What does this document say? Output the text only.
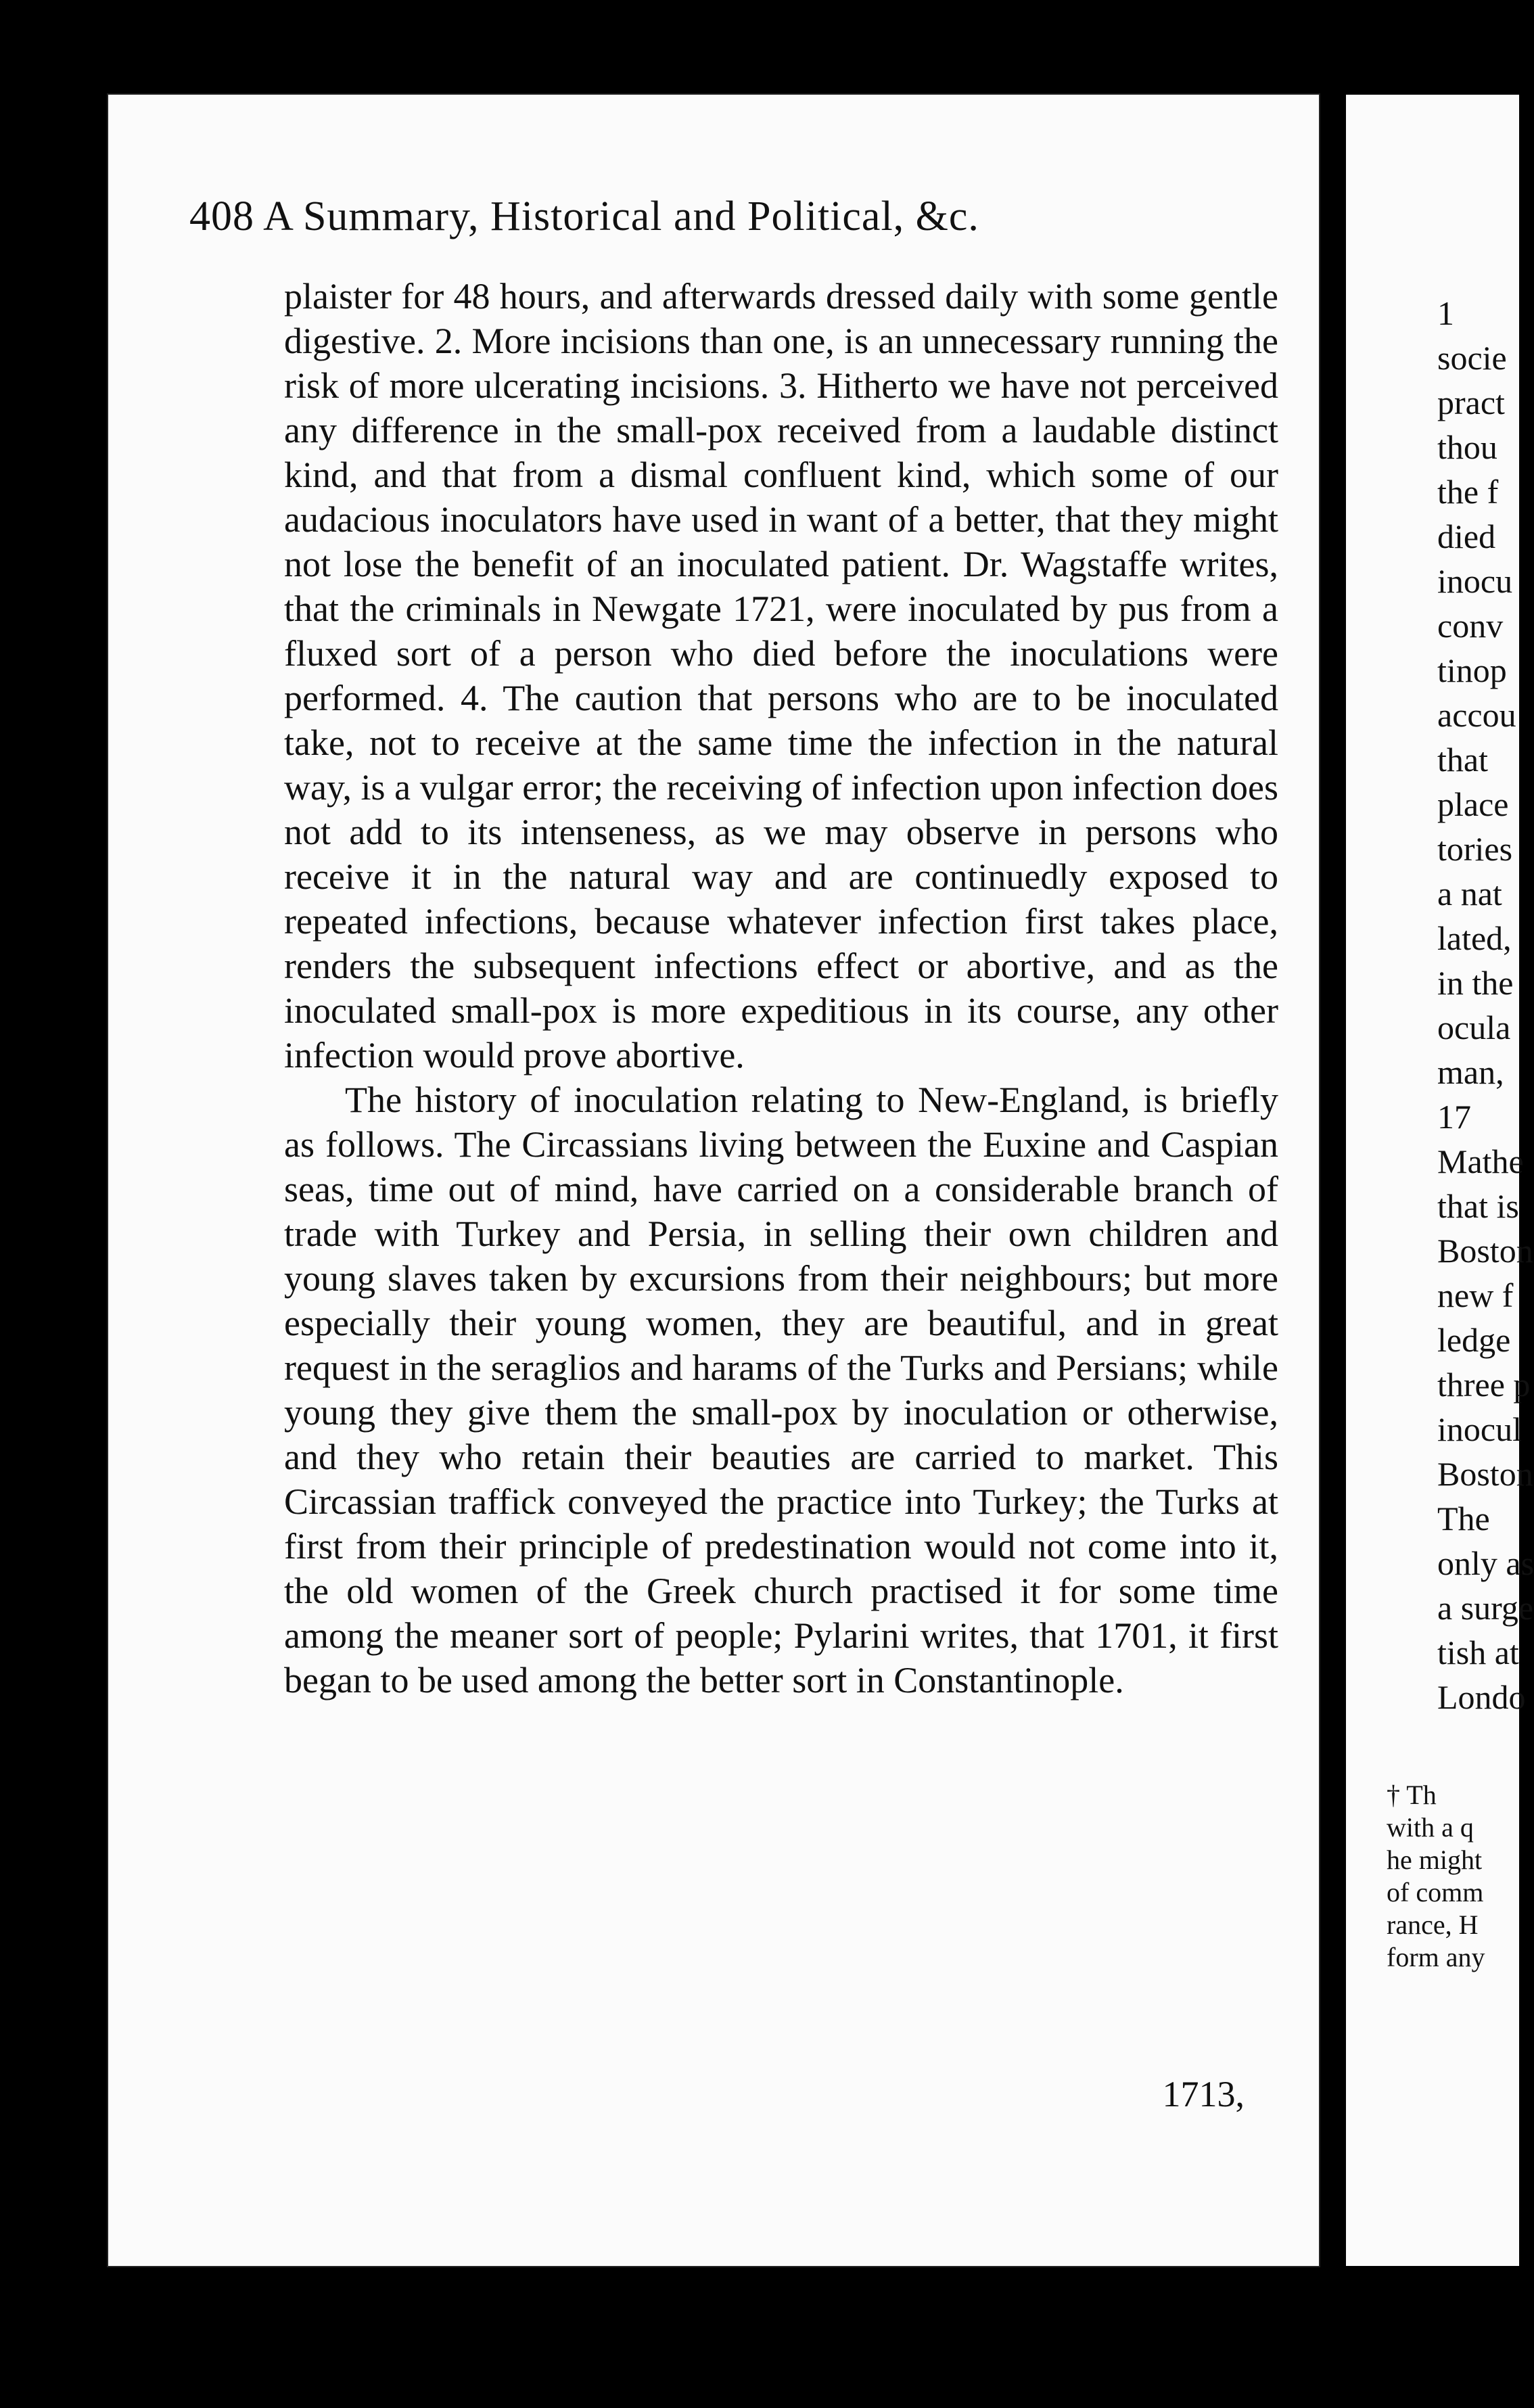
408 A Summary, Historical and Political, &c.

plaister for 48 hours, and afterwards dressed daily with some gentle digestive. 2. More incisions than one, is an unnecessary running the risk of more ulcerating incisions. 3. Hitherto we have not perceived any difference in the small-pox received from a laudable distinct kind, and that from a dismal confluent kind, which some of our audacious inoculators have used in want of a better, that they might not lose the benefit of an inoculated patient. Dr. Wagstaffe writes, that the criminals in Newgate 1721, were inoculated by pus from a fluxed sort of a person who died before the inoculations were performed. 4. The caution that persons who are to be inoculated take, not to receive at the same time the infection in the natural way, is a vulgar error; the receiving of infection upon infection does not add to its intenseness, as we may observe in persons who receive it in the natural way and are continuedly exposed to repeated infections, because whatever infection first takes place, renders the subsequent infections effect or abortive, and as the inoculated small-pox is more expeditious in its course, any other infection would prove abortive.

The history of inoculation relating to New-England, is briefly as follows. The Circassians living between the Euxine and Caspian seas, time out of mind, have carried on a considerable branch of trade with Turkey and Persia, in selling their own children and young slaves taken by excursions from their neighbours; but more especially their young women, they are beautiful, and in great request in the seraglios and harams of the Turks and Persians; while young they give them the small-pox by inoculation or otherwise, and they who retain their beauties are carried to market. This Circassian traffick conveyed the practice into Turkey; the Turks at first from their principle of predestination would not come into it, the old women of the Greek church practised it for some time among the meaner sort of people; Pylarini writes, that 1701, it first began to be used among the better sort in Constantinople.

1713,
1
socie
pract
thou
the f
died
inocu
conv
tinop
accou
that
place
tories
a nat
lated,
in the
ocula
man,
17
Mathe
that is
Boston
new f
ledge
three p
inocul
Boston
The
only as
a surge
tish at
Londo
† Th
with a q
he might
of comm
rance, H
form any
